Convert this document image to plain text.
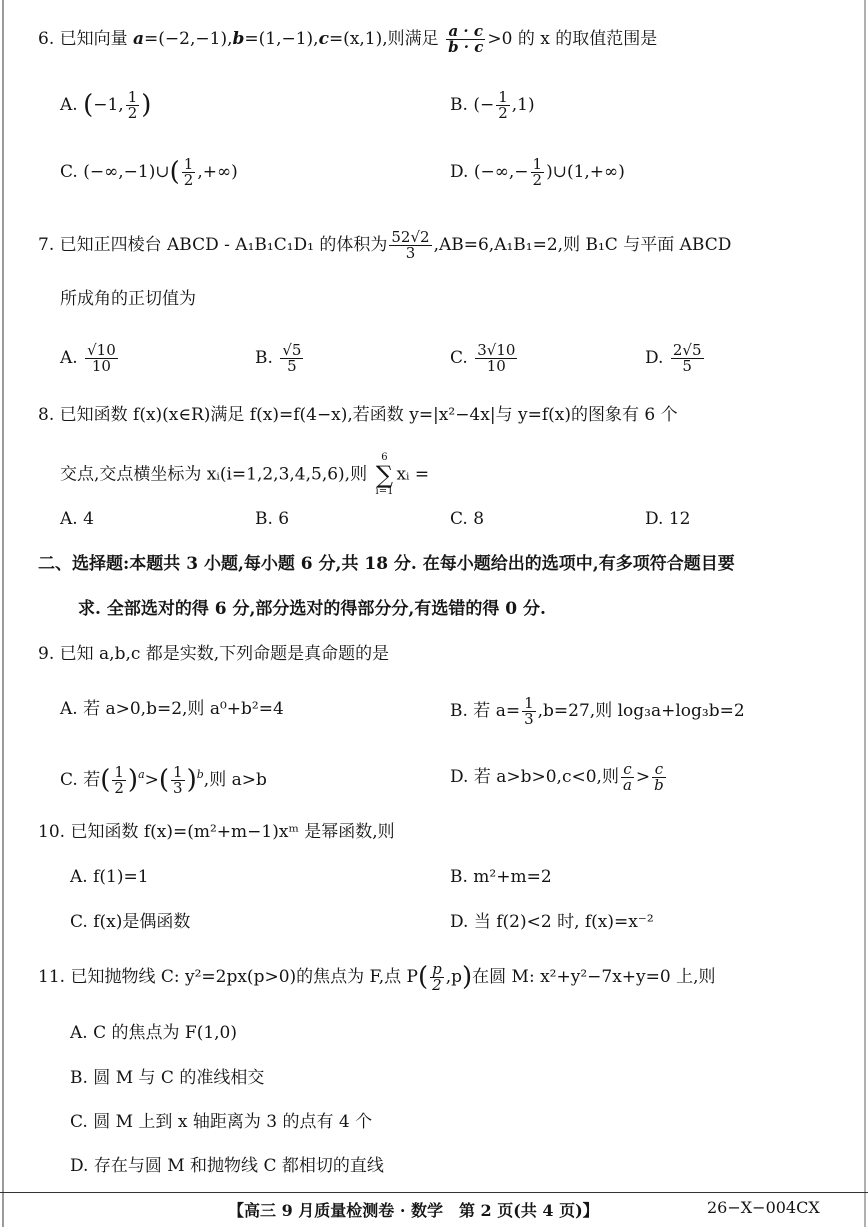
6. 已知向量 a=(−2,−1),b=(1,−1),c=(x,1),则满足 $\frac{a \cdot c}{b \cdot c} >0$ 的 x 的取值范围是
A. (−1, $\frac{1}{2}$ )	B. (− $\frac{1}{2} ,1$)
C. (−∞,−1)∪( $\frac{1}{2}$ ,+∞)	D. (−∞,− $\frac{1}{2}$ )∪(1,+∞)
7. 已知正四棱台 ABCD - A₁B₁C₁D₁ 的体积为 $\frac{52√2}{3} ,AB=6,A_1B_1=2$,则 B₁C 与平面 ABCD
所成角的正切值为
A. $\frac{√10}{10}$	B. $\frac{√5}{5}$	C. $\frac{3√10}{10}$	D. $\frac{2√5}{5}$
8. 已知函数 f(x)(x∈R)满足 f(x)=f(4−x),若函数 y=|x²−4x|与 y=f(x)的图象有 6 个
交点,交点横坐标为 xᵢ(i=1,2,3,4,5,6),则
6
∑
i=1
xᵢ =
A. 4	B. 6	C. 8	D. 12
二、选择题:本题共 3 小题,每小题 6 分,共 18 分. 在每小题给出的选项中,有多项符合题目要
求. 全部选对的得 6 分,部分选对的得部分分,有选错的得 0 分.
9. 已知 a,b,c 都是实数,下列命题是真命题的是
A. 若 a>0,b=2,则 a⁰+b²=4	B. 若 $a= \frac{1}{3} ,b=27$,则 log₃a+log₃b=2
C. 若( $\frac{1}{2} )^a>( \frac{1}{3} )^b$,则 a>b	D. 若 a>b>0,c<0,则 $\frac{c}{a} > \frac{c}{b}$
10. 已知函数 f(x)=(m²+m−1)xᵐ 是幂函数,则
A. f(1)=1	B. m²+m=2
C. f(x)是偶函数	D. 当 f(2)<2 时, f(x)=x⁻²
11. 已知抛物线 C: y²=2px(p>0)的焦点为 F,点 $P( \frac{p}{2} ,p)$在圆 M: x²+y²−7x+y=0 上,则
A. C 的焦点为 F(1,0)
B. 圆 M 与 C 的准线相交
C. 圆 M 上到 x 轴距离为 3 的点有 4 个
D. 存在与圆 M 和抛物线 C 都相切的直线
【高三 9 月质量检测卷 · 数学　第 2 页(共 4 页)】	26−X−004CX
